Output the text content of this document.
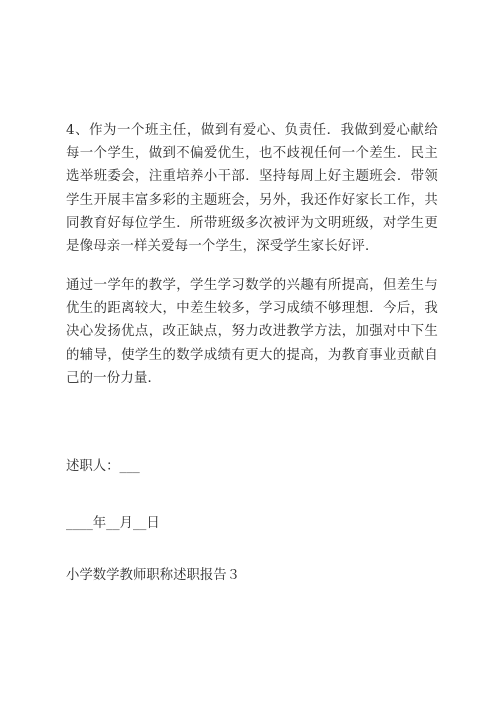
4、作为一个班主任，做到有爱心、负责任．我做到爱心献给每一个学生，做到不偏爱优生，也不歧视任何一个差生．民主选举班委会，注重培养小干部．坚持每周上好主题班会．带领学生开展丰富多彩的主题班会，另外，我还作好家长工作，共同教育好每位学生．所带班级多次被评为文明班级，对学生更是像母亲一样关爱每一个学生，深受学生家长好评．

通过一学年的教学，学生学习数学的兴趣有所提高，但差生与优生的距离较大，中差生较多，学习成绩不够理想．今后，我决心发扬优点，改正缺点，努力改进教学方法，加强对中下生的辅导，使学生的数学成绩有更大的提高，为教育事业贡献自己的一份力量．

述职人：___

____年__月__日

小学数学教师职称述职报告３
